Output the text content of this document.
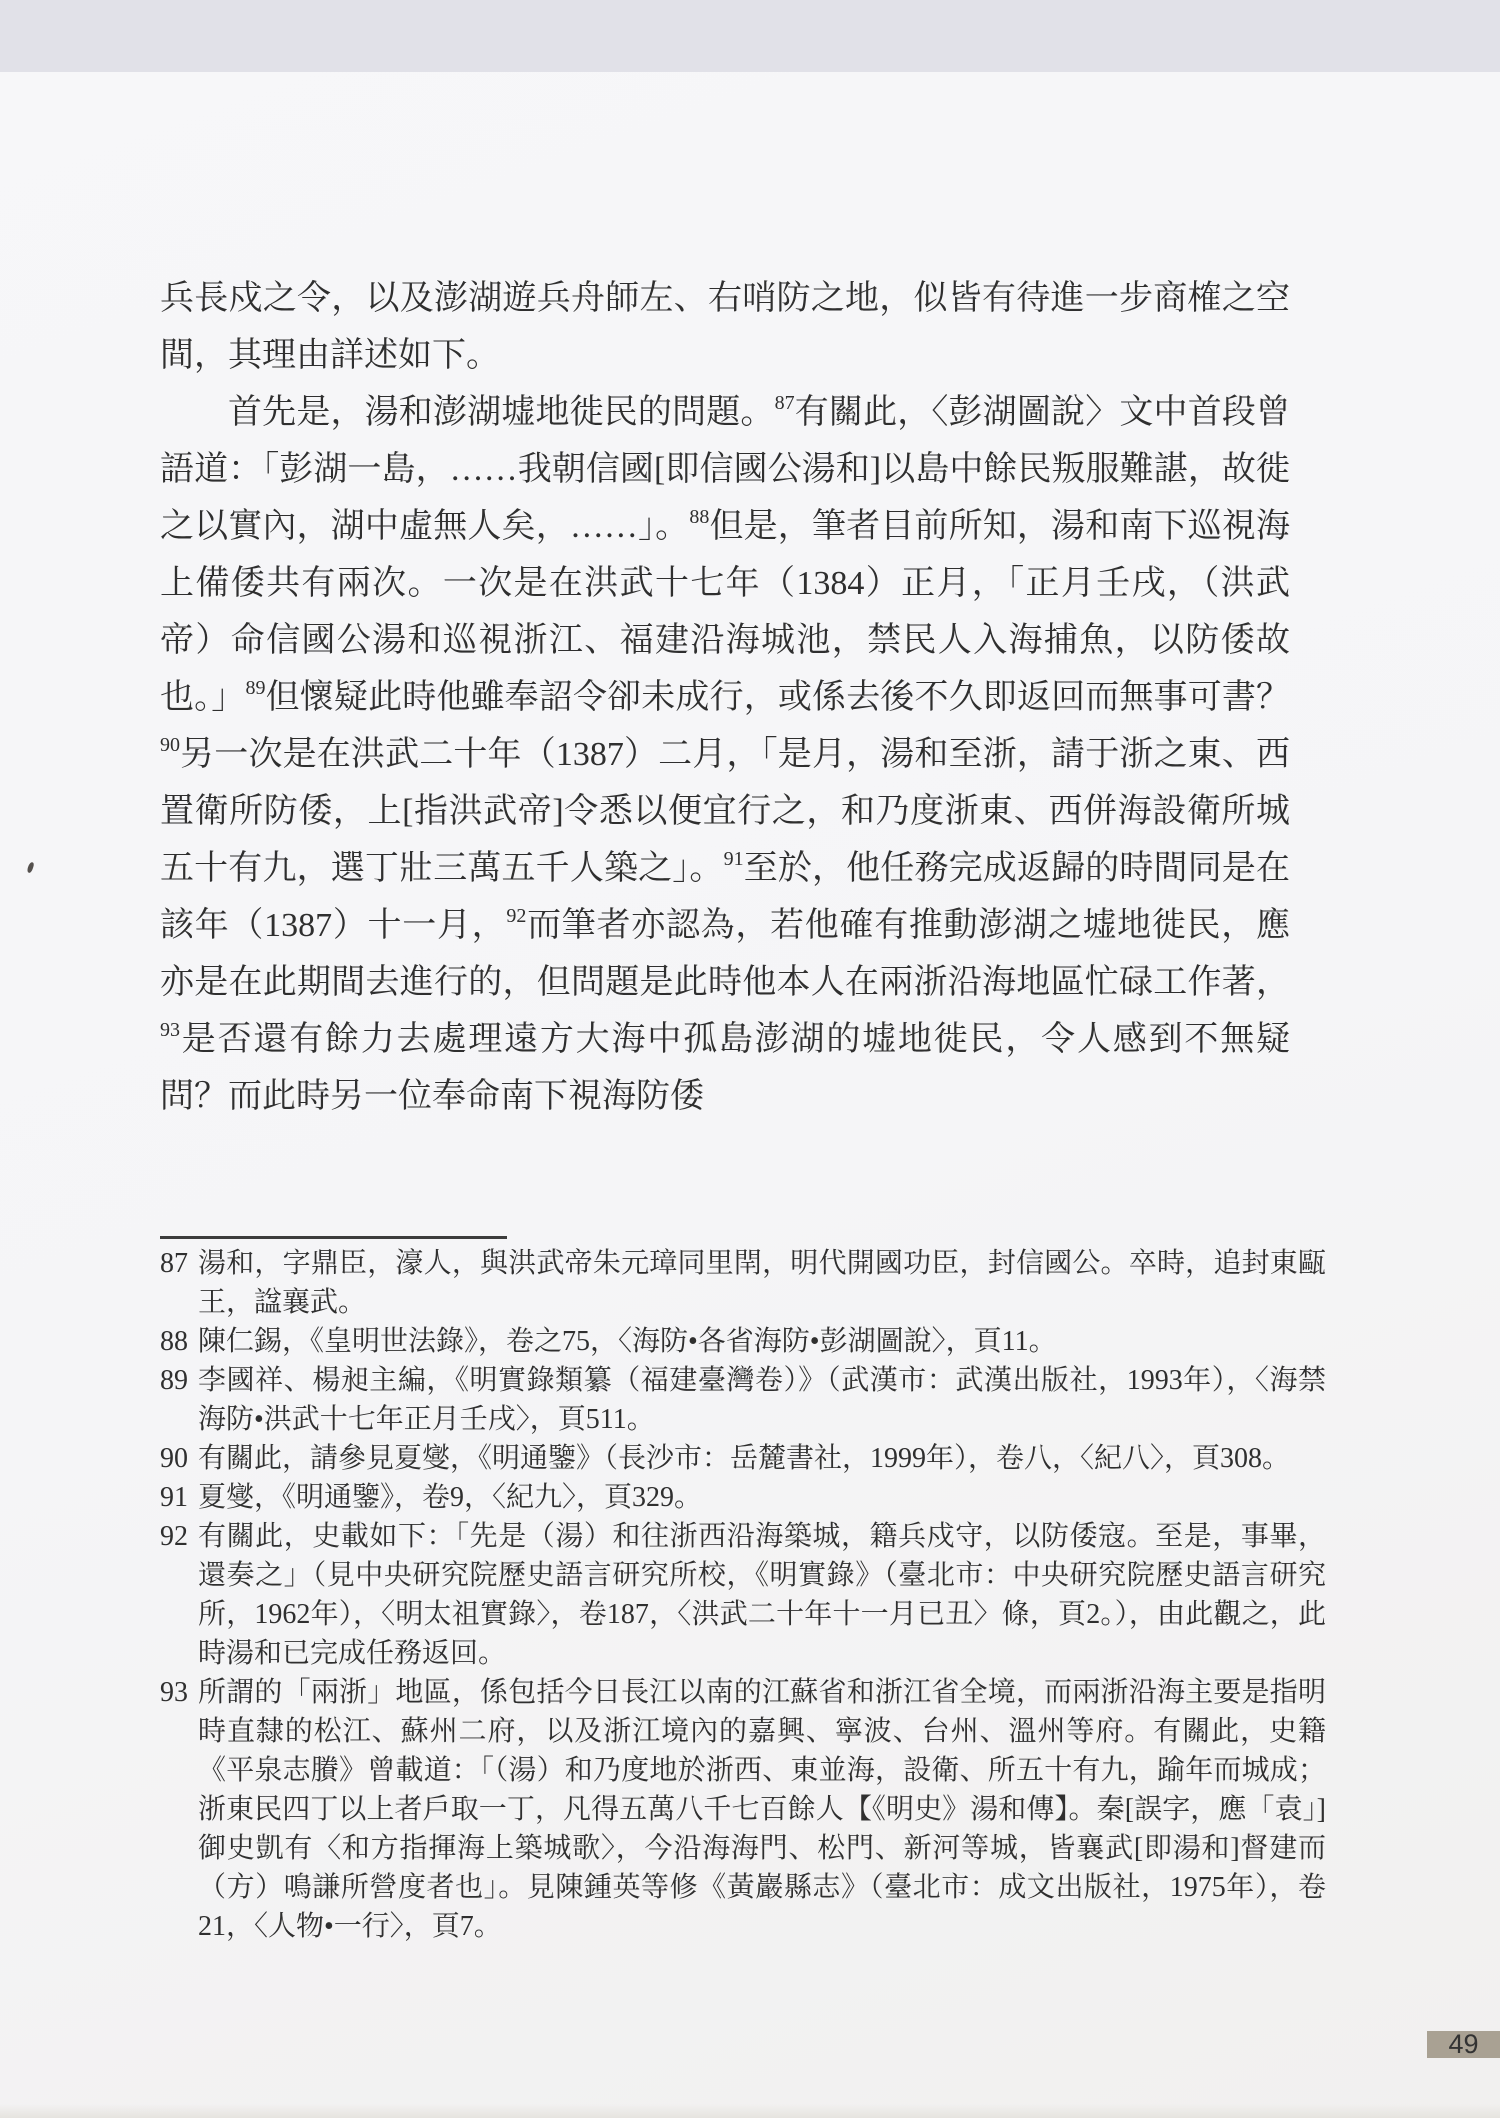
兵長戍之令，以及澎湖遊兵舟師左、右哨防之地，似皆有待進一步商榷之空間，其理由詳述如下。

首先是，湯和澎湖墟地徙民的問題。$^{87}$有關此，〈彭湖圖說〉文中首段曾語道：「彭湖一島，……我朝信國[即信國公湯和]以島中餘民叛服難諶，故徙之以實內，湖中虛無人矣，……」。$^{88}$但是，筆者目前所知，湯和南下巡視海上備倭共有兩次。一次是在洪武十七年（1384）正月，「正月壬戌，（洪武帝）命信國公湯和巡視浙江、福建沿海城池，禁民人入海捕魚，以防倭故也。」$^{89}$但懷疑此時他雖奉詔令卻未成行，或係去後不久即返回而無事可書？$^{90}$另一次是在洪武二十年（1387）二月，「是月，湯和至浙，請于浙之東、西置衛所防倭，上[指洪武帝]令悉以便宜行之，和乃度浙東、西併海設衛所城五十有九，選丁壯三萬五千人築之」。$^{91}$至於，他任務完成返歸的時間同是在該年（1387）十一月，$^{92}$而筆者亦認為，若他確有推動澎湖之墟地徙民，應亦是在此期間去進行的，但問題是此時他本人在兩浙沿海地區忙碌工作著，$^{93}$是否還有餘力去處理遠方大海中孤島澎湖的墟地徙民，令人感到不無疑問？而此時另一位奉命南下視海防倭

87 湯和，字鼎臣，濠人，與洪武帝朱元璋同里閈，明代開國功臣，封信國公。卒時，追封東甌王，諡襄武。
88 陳仁錫，《皇明世法錄》，卷之75，〈海防•各省海防•彭湖圖說〉，頁11。
89 李國祥、楊昶主編，《明實錄類纂（福建臺灣卷）》（武漢市：武漢出版社，1993年），〈海禁海防•洪武十七年正月壬戌〉，頁511。
90 有關此，請參見夏燮，《明通鑒》（長沙市：岳麓書社，1999年），卷八，〈紀八〉，頁308。
91 夏燮，《明通鑒》，卷9，〈紀九〉，頁329。
92 有關此，史載如下：「先是（湯）和往浙西沿海築城，籍兵戍守，以防倭寇。至是，事畢，還奏之」（見中央研究院歷史語言研究所校，《明實錄》（臺北市：中央研究院歷史語言研究所，1962年），〈明太祖實錄〉，卷187，〈洪武二十年十一月已丑〉條，頁2。），由此觀之，此時湯和已完成任務返回。
93 所謂的「兩浙」地區，係包括今日長江以南的江蘇省和浙江省全境，而兩浙沿海主要是指明時直隸的松江、蘇州二府，以及浙江境內的嘉興、寧波、台州、溫州等府。有關此，史籍《平泉志賸》曾載道：「（湯）和乃度地於浙西、東並海，設衛、所五十有九，踰年而城成；浙東民四丁以上者戶取一丁，凡得五萬八千七百餘人【《明史》湯和傳】。秦[誤字，應「袁」]御史凱有〈和方指揮海上築城歌〉，今沿海海門、松門、新河等城，皆襄武[即湯和]督建而（方）鳴謙所營度者也」。見陳鍾英等修《黃巖縣志》（臺北市：成文出版社，1975年），卷21，〈人物•一行〉，頁7。
49
